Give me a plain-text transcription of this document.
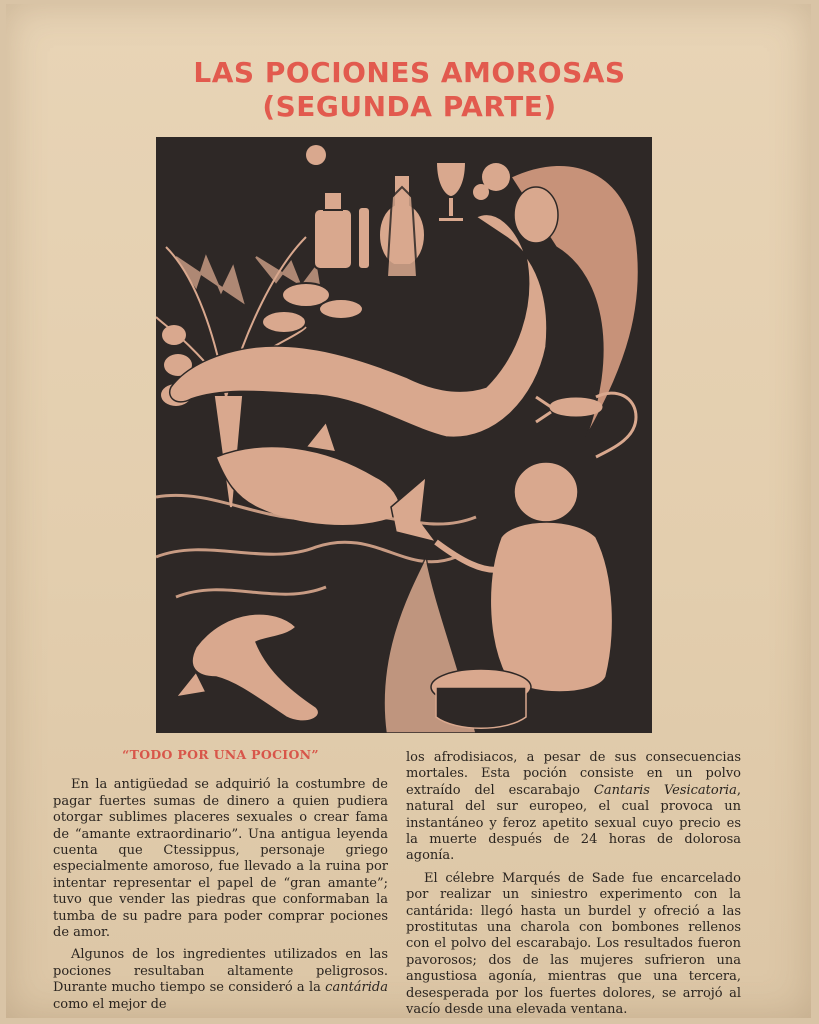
LAS POCIONES AMOROSAS
(SEGUNDA PARTE)
“TODO POR UNA POCION”

En la antigüedad se adquirió la costumbre de pagar fuertes sumas de dinero a quien pudiera otorgar sublimes placeres sexuales o crear fama de “amante extraordinario”. Una antigua leyenda cuenta que Ctessippus, personaje griego especialmente amoroso, fue llevado a la ruina por intentar representar el papel de “gran amante”; tuvo que vender las piedras que conformaban la tumba de su padre para poder comprar pociones de amor.

Algunos de los ingredientes utilizados en las pociones resultaban altamente peligrosos. Durante mucho tiempo se consideró a la cantárida como el mejor de

los afrodisiacos, a pesar de sus consecuencias mortales. Esta poción consiste en un polvo extraído del escarabajo Cantaris Vesicatoria, natural del sur europeo, el cual provoca un instantáneo y feroz apetito sexual cuyo precio es la muerte después de 24 horas de dolorosa agonía.

El célebre Marqués de Sade fue encarcelado por realizar un siniestro experimento con la cantárida: llegó hasta un burdel y ofreció a las prostitutas una charola con bombones rellenos con el polvo del escarabajo. Los resultados fueron pavorosos; dos de las mujeres sufrieron una angustiosa agonía, mientras que una tercera, desesperada por los fuertes dolores, se arrojó al vacío desde una elevada ventana.
